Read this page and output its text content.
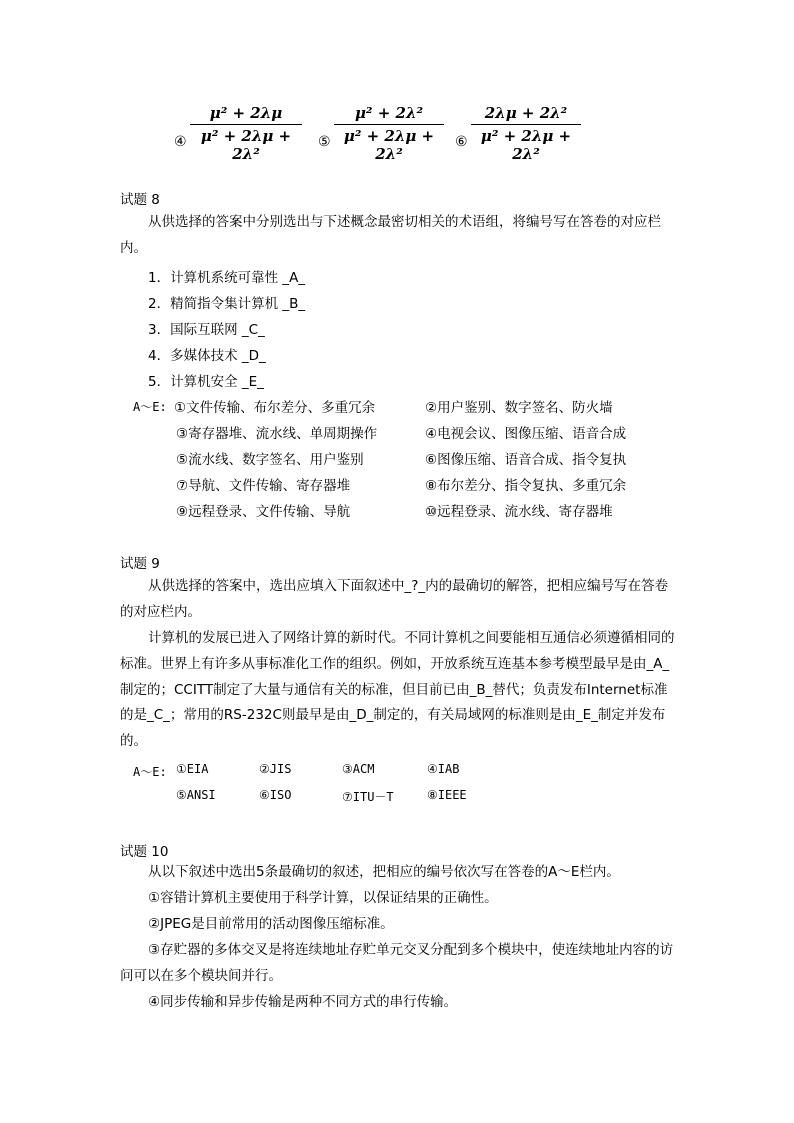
④
μ² + 2λμ
μ² + 2λμ + 2λ²
⑤
μ² + 2λ²
μ² + 2λμ + 2λ²
⑥
2λμ + 2λ²
μ² + 2λμ + 2λ²
试题 8
从供选择的答案中分别选出与下述概念最密切相关的术语组，将编号写在答卷的对应栏内。
1．计算机系统可靠性 _A_
2．精简指令集计算机 _B_
3．国际互联网 _C_
4．多媒体技术 _D_
5．计算机安全 _E_
A～E: ①文件传输、布尔差分、多重冗余	②用户鉴别、数字签名、防火墙
③寄存器堆、流水线、单周期操作	④电视会议、图像压缩、语音合成
⑤流水线、数字签名、用户鉴别	⑥图像压缩、语音合成、指令复执
⑦导航、文件传输、寄存器堆	⑧布尔差分、指令复执、多重冗余
⑨远程登录、文件传输、导航	⑩远程登录、流水线、寄存器堆
试题 9
从供选择的答案中，选出应填入下面叙述中_?_内的最确切的解答，把相应编号写在答卷的对应栏内。
计算机的发展已进入了网络计算的新时代。不同计算机之间要能相互通信必须遵循相同的标准。世界上有许多从事标准化工作的组织。例如，开放系统互连基本参考模型最早是由_A_制定的；CCITT制定了大量与通信有关的标准，但目前已由_B_替代；负责发布Internet标准的是_C_；常用的RS-232C则最早是由_D_制定的，有关局域网的标准则是由_E_制定并发布的。
A～E: ①EIA	②JIS	③ACM	④IAB
⑤ANSI	⑥ISO	⑦ITU－T	⑧IEEE
试题 10
从以下叙述中选出5条最确切的叙述，把相应的编号依次写在答卷的A～E栏内。
①容错计算机主要使用于科学计算，以保证结果的正确性。
②JPEG是目前常用的活动图像压缩标准。
③存贮器的多体交叉是将连续地址存贮单元交叉分配到多个模块中，使连续地址内容的访问可以在多个模块间并行。
④同步传输和异步传输是两种不同方式的串行传输。
